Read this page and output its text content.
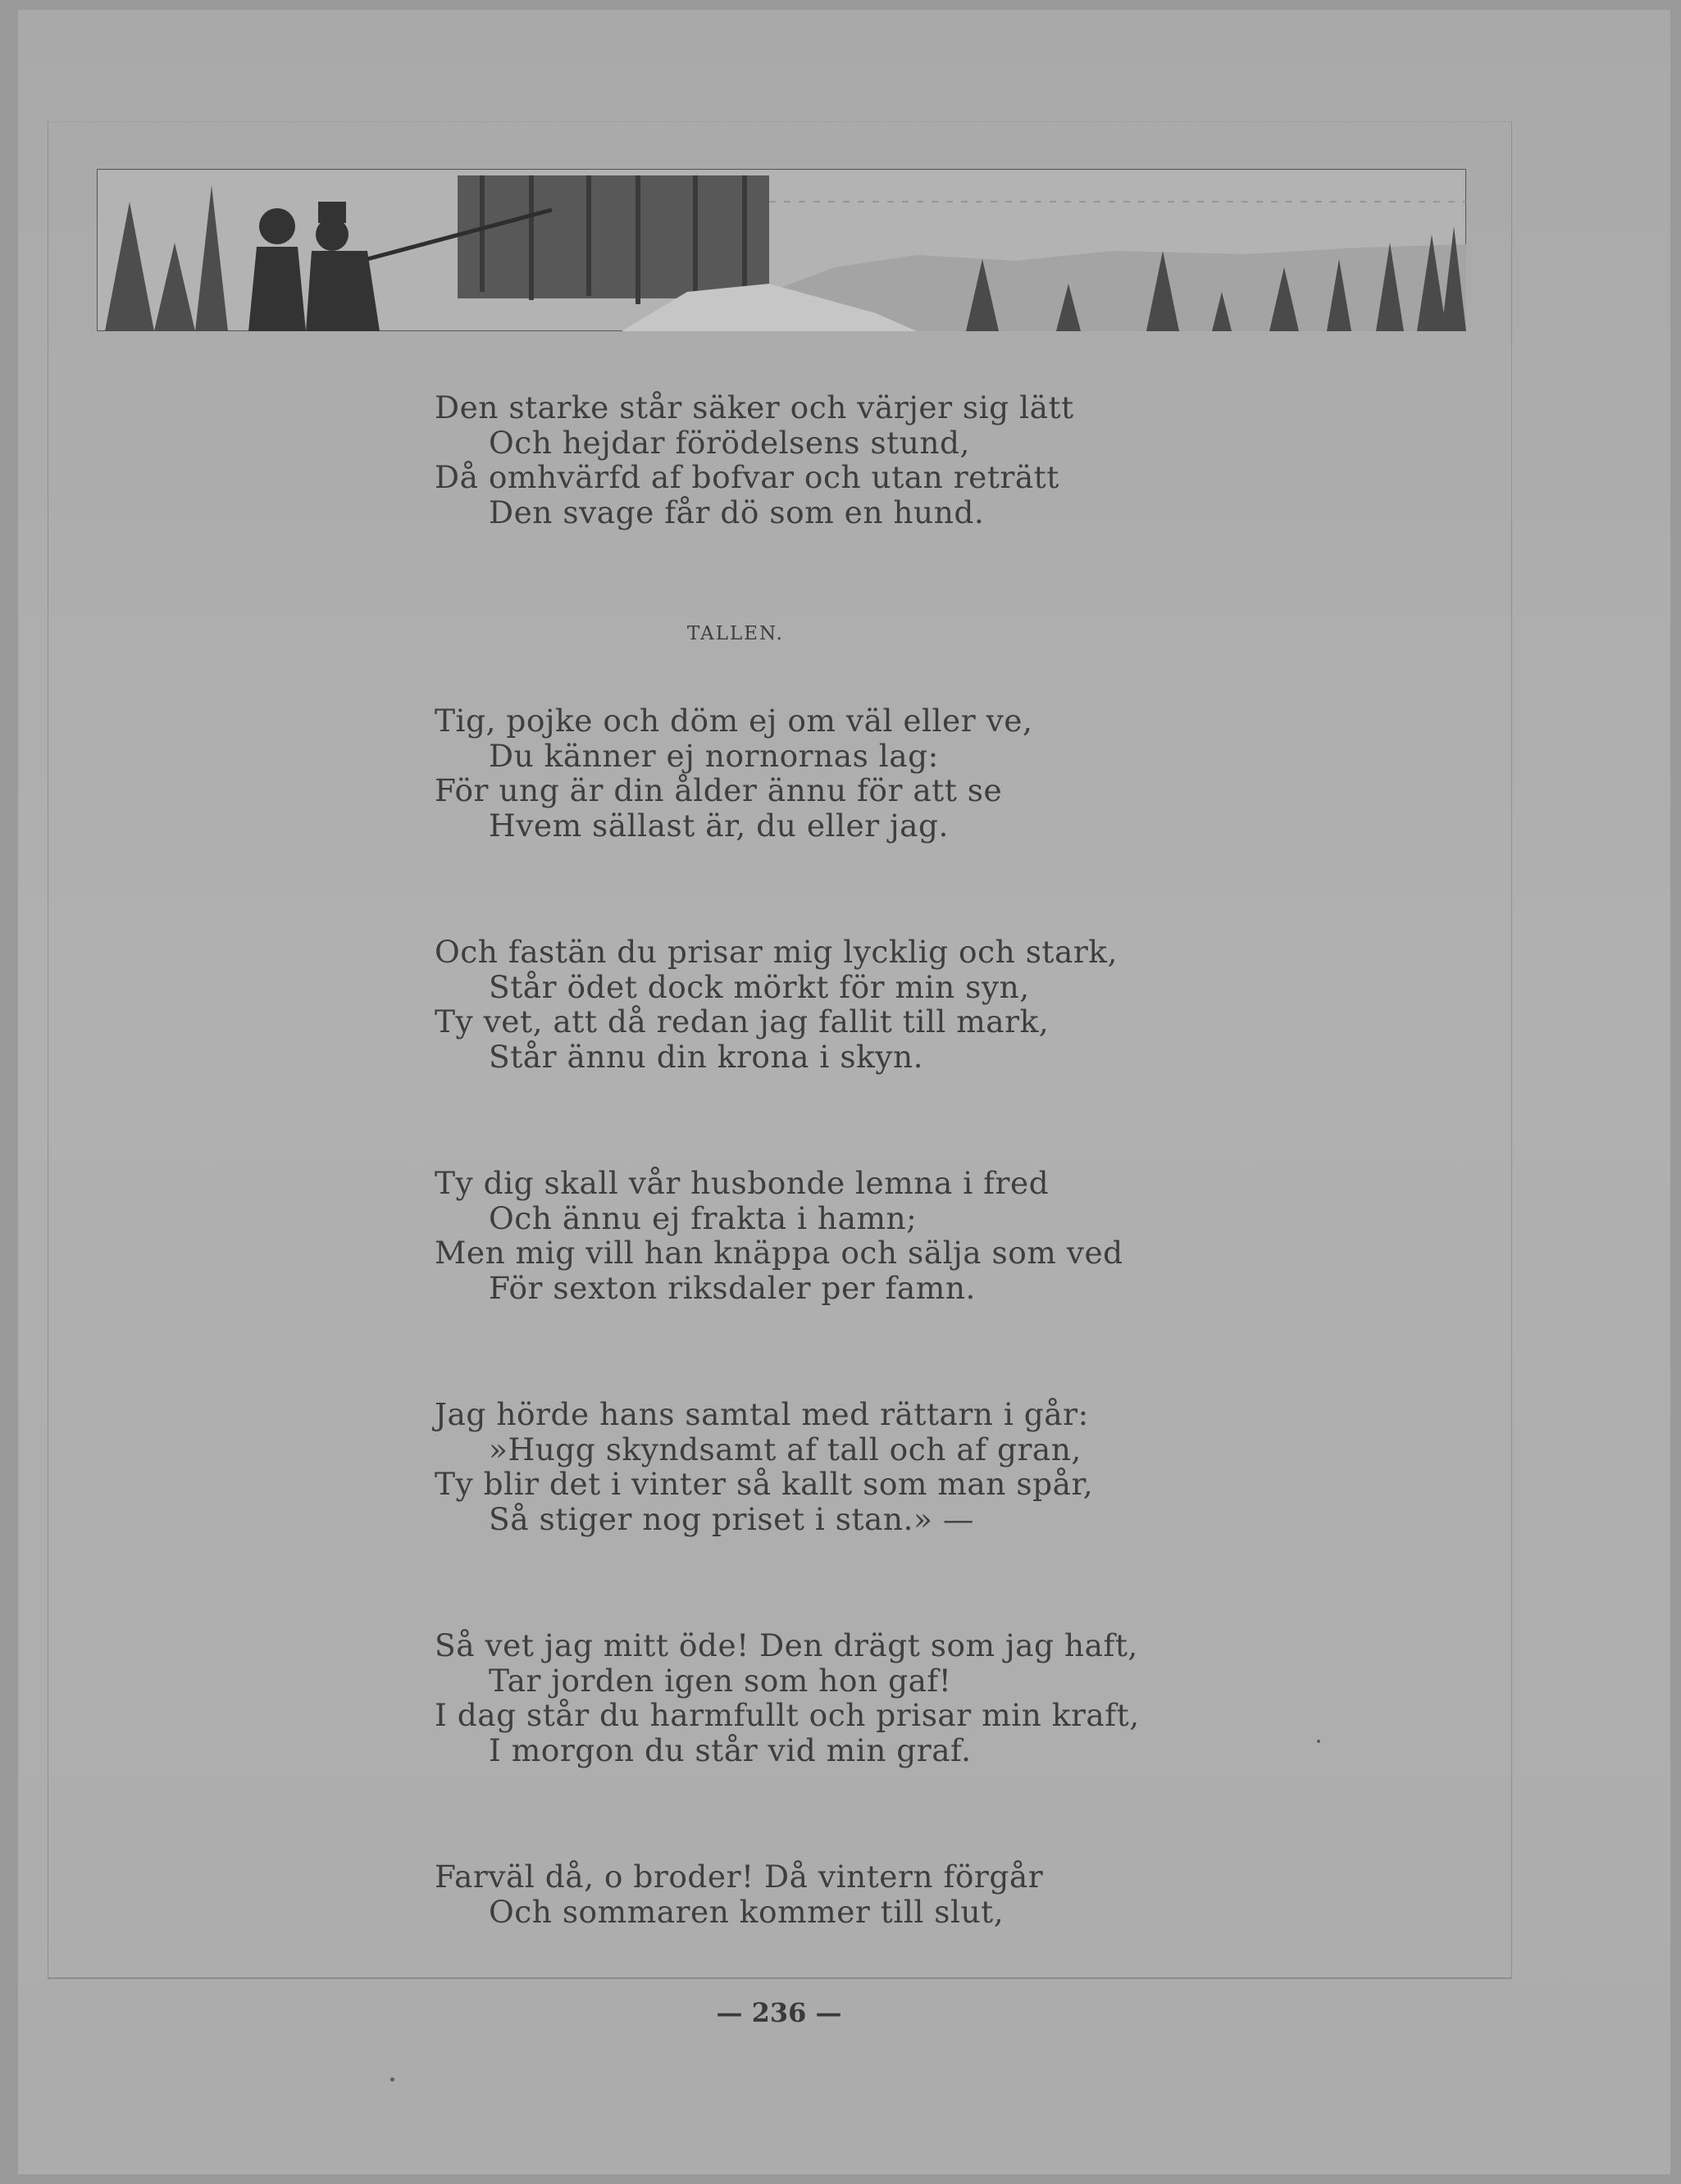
Den starke står säker och värjer sig lätt
Och hejdar förödelsens stund,
Då omhvärfd af bofvar och utan reträtt
Den svage får dö som en hund.
TALLEN.
Tig, pojke och döm ej om väl eller ve,
Du känner ej nornornas lag:
För ung är din ålder ännu för att se
Hvem sällast är, du eller jag.
Och fastän du prisar mig lycklig och stark,
Står ödet dock mörkt för min syn,
Ty vet, att då redan jag fallit till mark,
Står ännu din krona i skyn.
Ty dig skall vår husbonde lemna i fred
Och ännu ej frakta i hamn;
Men mig vill han knäppa och sälja som ved
För sexton riksdaler per famn.
Jag hörde hans samtal med rättarn i går:
»Hugg skyndsamt af tall och af gran,
Ty blir det i vinter så kallt som man spår,
Så stiger nog priset i stan.» —
Så vet jag mitt öde! Den drägt som jag haft,
Tar jorden igen som hon gaf!
I dag står du harmfullt och prisar min kraft,
I morgon du står vid min graf.
Farväl då, o broder! Då vintern förgår
Och sommaren kommer till slut,
— 236 —
